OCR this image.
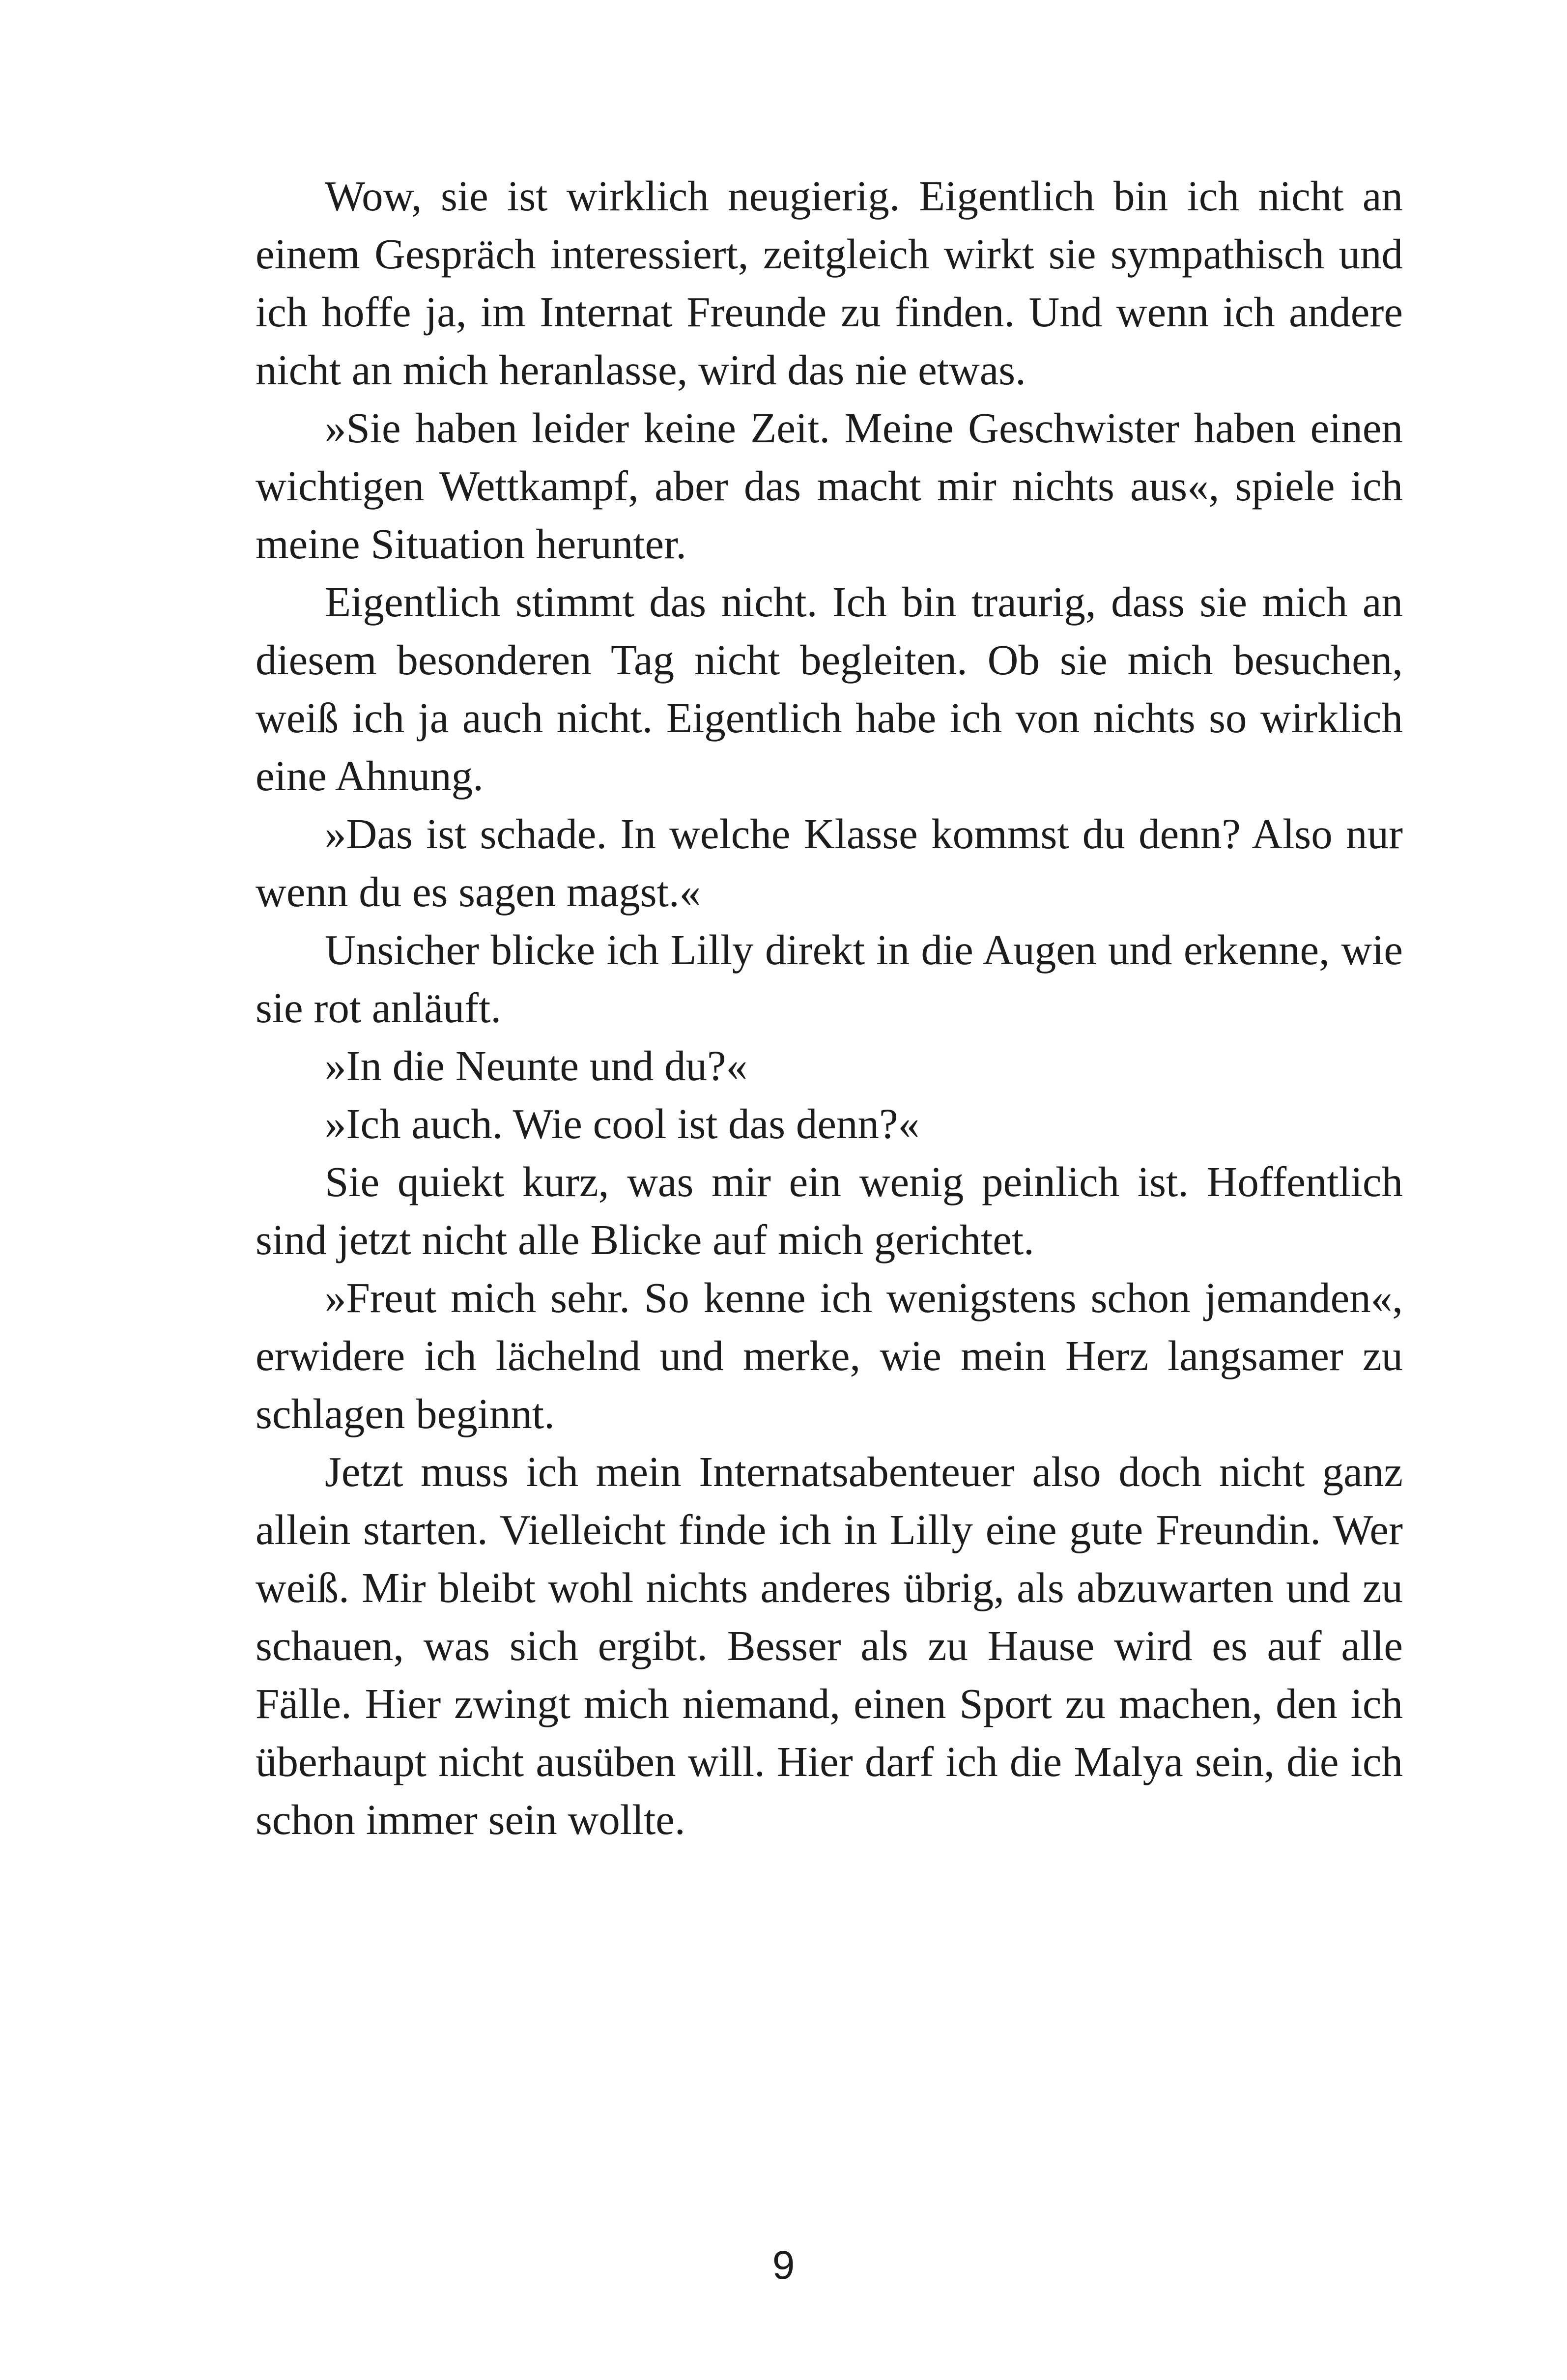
Wow, sie ist wirklich neugierig. Eigentlich bin ich nicht an einem Gespräch interessiert, zeitgleich wirkt sie sympathisch und ich hoffe ja, im Internat Freunde zu finden. Und wenn ich andere nicht an mich heranlasse, wird das nie etwas.

»Sie haben leider keine Zeit. Meine Geschwister haben einen wichtigen Wettkampf, aber das macht mir nichts aus«, spiele ich meine Situation herunter.

Eigentlich stimmt das nicht. Ich bin traurig, dass sie mich an diesem besonderen Tag nicht begleiten. Ob sie mich besuchen, weiß ich ja auch nicht. Eigentlich habe ich von nichts so wirklich eine Ahnung.

»Das ist schade. In welche Klasse kommst du denn? Also nur wenn du es sagen magst.«

Unsicher blicke ich Lilly direkt in die Augen und erkenne, wie sie rot anläuft.

»In die Neunte und du?«

»Ich auch. Wie cool ist das denn?«

Sie quiekt kurz, was mir ein wenig peinlich ist. Hoffentlich sind jetzt nicht alle Blicke auf mich gerichtet.

»Freut mich sehr. So kenne ich wenigstens schon jemanden«, erwidere ich lächelnd und merke, wie mein Herz langsamer zu schlagen beginnt.

Jetzt muss ich mein Internatsabenteuer also doch nicht ganz allein starten. Vielleicht finde ich in Lilly eine gute Freundin. Wer weiß. Mir bleibt wohl nichts anderes übrig, als abzuwarten und zu schauen, was sich ergibt. Besser als zu Hause wird es auf alle Fälle. Hier zwingt mich niemand, einen Sport zu machen, den ich überhaupt nicht ausüben will. Hier darf ich die Malya sein, die ich schon immer sein wollte.

9
